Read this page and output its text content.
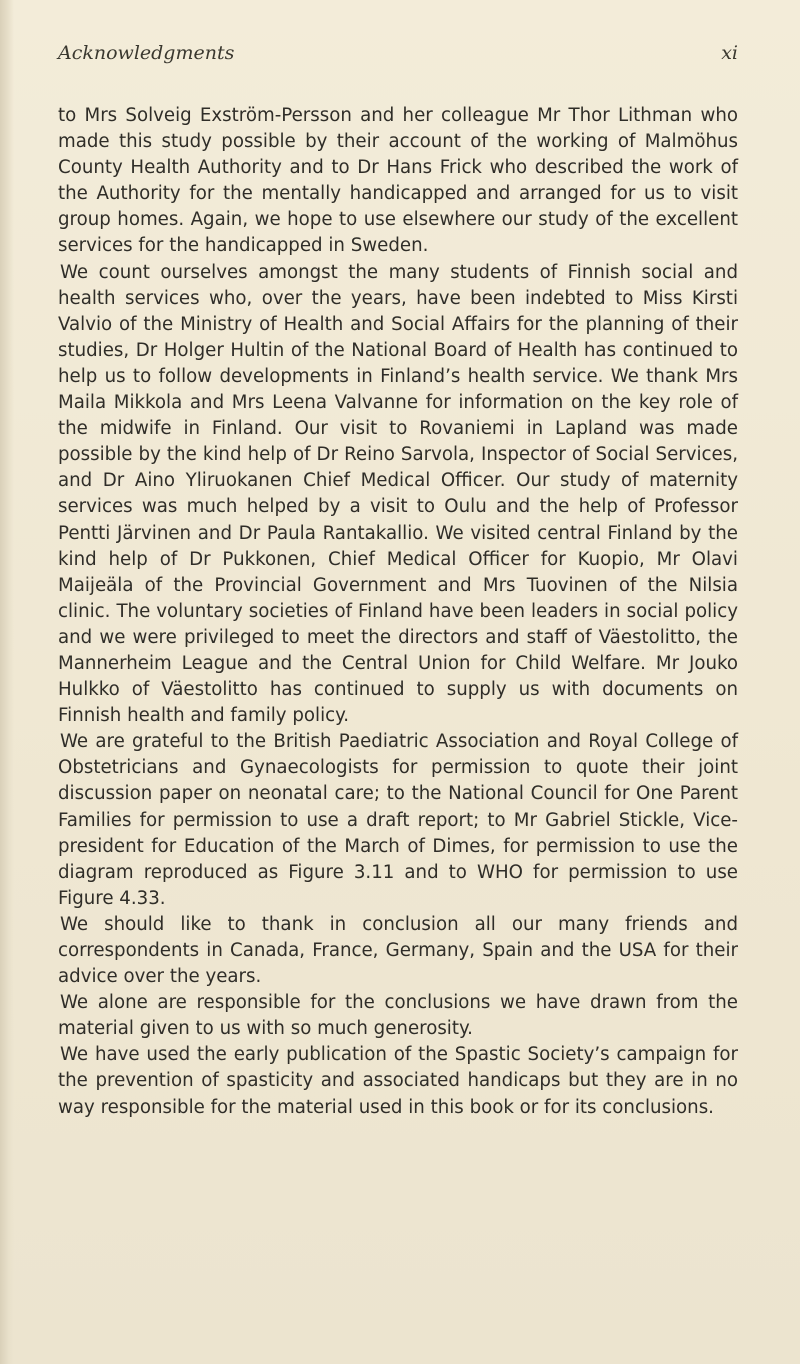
Acknowledgments	xi

to Mrs Solveig Exström-Persson and her colleague Mr Thor Lithman who made this study possible by their account of the working of Malmöhus County Health Authority and to Dr Hans Frick who described the work of the Authority for the mentally handicapped and arranged for us to visit group homes. Again, we hope to use elsewhere our study of the excellent services for the handicapped in Sweden.

We count ourselves amongst the many students of Finnish social and health services who, over the years, have been indebted to Miss Kirsti Valvio of the Ministry of Health and Social Affairs for the planning of their studies, Dr Holger Hultin of the National Board of Health has continued to help us to follow developments in Finland’s health service. We thank Mrs Maila Mikkola and Mrs Leena Valvanne for information on the key role of the midwife in Finland. Our visit to Rovaniemi in Lapland was made possible by the kind help of Dr Reino Sarvola, Inspector of Social Services, and Dr Aino Yliruokanen Chief Medical Officer. Our study of maternity services was much helped by a visit to Oulu and the help of Professor Pentti Järvinen and Dr Paula Rantakallio. We visited central Finland by the kind help of Dr Pukkonen, Chief Medical Officer for Kuopio, Mr Olavi Maijeäla of the Provincial Government and Mrs Tuovinen of the Nilsia clinic. The voluntary societies of Finland have been leaders in social policy and we were privileged to meet the directors and staff of Väestolitto, the Mannerheim League and the Central Union for Child Welfare. Mr Jouko Hulkko of Väestolitto has continued to supply us with documents on Finnish health and family policy.

We are grateful to the British Paediatric Association and Royal College of Obstetricians and Gynaecologists for permission to quote their joint discussion paper on neonatal care; to the National Council for One Parent Families for permission to use a draft report; to Mr Gabriel Stickle, Vice-president for Education of the March of Dimes, for permission to use the diagram reproduced as Figure 3.11 and to WHO for permission to use Figure 4.33.

We should like to thank in conclusion all our many friends and correspondents in Canada, France, Germany, Spain and the USA for their advice over the years.

We alone are responsible for the conclusions we have drawn from the material given to us with so much generosity.

We have used the early publication of the Spastic Society’s campaign for the prevention of spasticity and associated handicaps but they are in no way responsible for the material used in this book or for its conclusions.
